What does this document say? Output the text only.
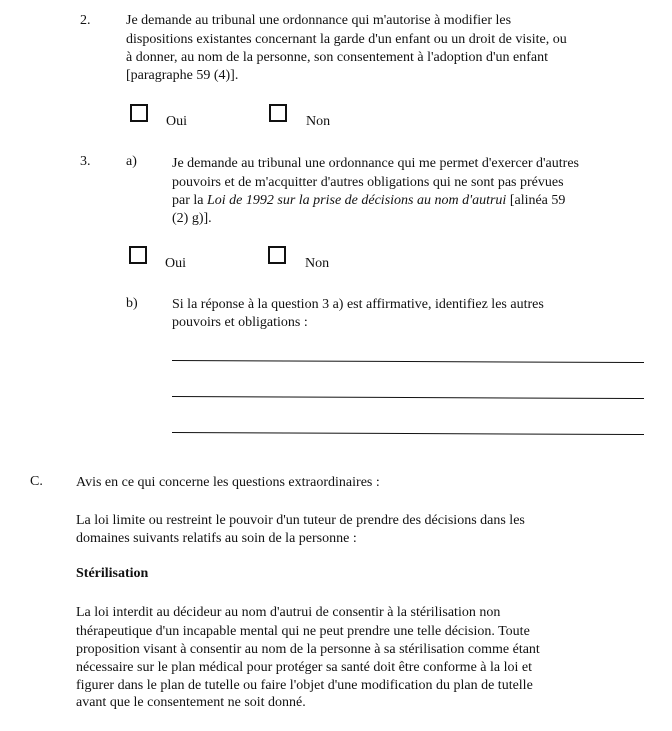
2.	Je demande au tribunal une ordonnance qui m'autorise à modifier les
dispositions existantes concernant la garde d'un enfant ou un droit de visite, ou
à donner, au nom de la personne, son consentement à l'adoption d'un enfant
[paragraphe 59 (4)].
Oui	Non
3.	a)	Je demande au tribunal une ordonnance qui me permet d'exercer d'autres
pouvoirs et de m'acquitter d'autres obligations qui ne sont pas prévues
par la Loi de 1992 sur la prise de décisions au nom d'autrui [alinéa 59
(2) g)].
Oui	Non
b) Si la réponse à la question 3 a) est affirmative, identifiez les autres
pouvoirs et obligations :
C. Avis en ce qui concerne les questions extraordinaires :
La loi limite ou restreint le pouvoir d'un tuteur de prendre des décisions dans les
domaines suivants relatifs au soin de la personne :
Stérilisation
La loi interdit au décideur au nom d'autrui de consentir à la stérilisation non
thérapeutique d'un incapable mental qui ne peut prendre une telle décision. Toute
proposition visant à consentir au nom de la personne à sa stérilisation comme étant
nécessaire sur le plan médical pour protéger sa santé doit être conforme à la loi et
figurer dans le plan de tutelle ou faire l'objet d'une modification du plan de tutelle
avant que le consentement ne soit donné.
